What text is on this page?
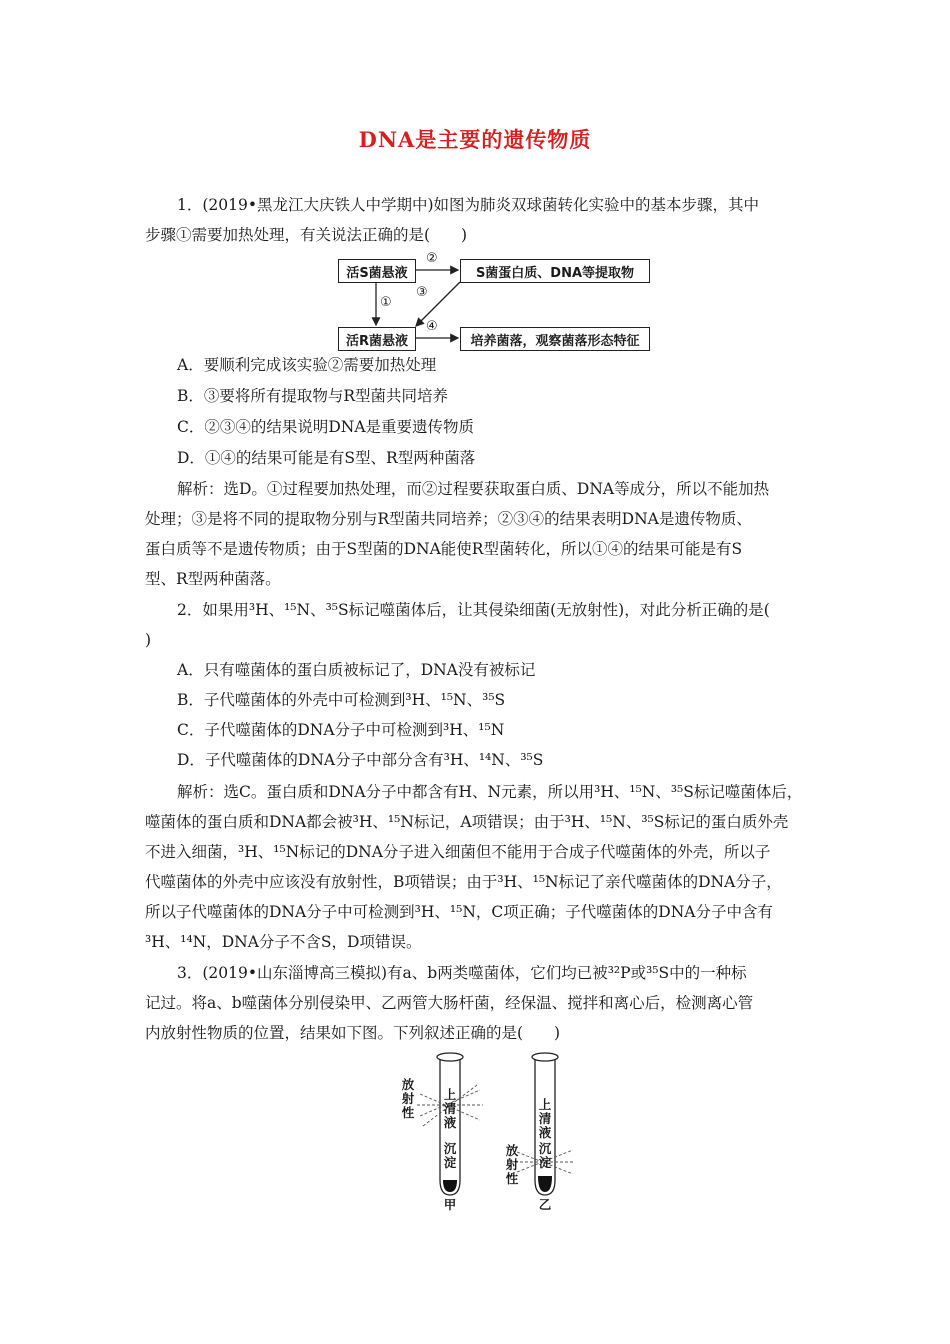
DNA是主要的遗传物质
1．(2019•黑龙江大庆铁人中学期中)如图为肺炎双球菌转化实验中的基本步骤，其中
步骤①需要加热处理，有关说法正确的是(　　)
活S菌悬液	S菌蛋白质、DNA等提取物
活R菌悬液	培养菌落，观察菌落形态特征
②
①
③
④
A．要顺利完成该实验②需要加热处理
B．③要将所有提取物与R型菌共同培养
C．②③④的结果说明DNA是重要遗传物质
D．①④的结果可能是有S型、R型两种菌落
解析：选D。①过程要加热处理，而②过程要获取蛋白质、DNA等成分，所以不能加热
处理；③是将不同的提取物分别与R型菌共同培养；②③④的结果表明DNA是遗传物质、
蛋白质等不是遗传物质；由于S型菌的DNA能使R型菌转化，所以①④的结果可能是有S
型、R型两种菌落。
2．如果用³H、¹⁵N、³⁵S标记噬菌体后，让其侵染细菌(无放射性)，对此分析正确的是(
)
A．只有噬菌体的蛋白质被标记了，DNA没有被标记
B．子代噬菌体的外壳中可检测到³H、¹⁵N、³⁵S
C．子代噬菌体的DNA分子中可检测到³H、¹⁵N
D．子代噬菌体的DNA分子中部分含有³H、¹⁴N、³⁵S
解析：选C。蛋白质和DNA分子中都含有H、N元素，所以用³H、¹⁵N、³⁵S标记噬菌体后，
噬菌体的蛋白质和DNA都会被³H、¹⁵N标记，A项错误；由于³H、¹⁵N、³⁵S标记的蛋白质外壳
不进入细菌，³H、¹⁵N标记的DNA分子进入细菌但不能用于合成子代噬菌体的外壳，所以子
代噬菌体的外壳中应该没有放射性，B项错误；由于³H、¹⁵N标记了亲代噬菌体的DNA分子，
所以子代噬菌体的DNA分子中可检测到³H、¹⁵N，C项正确；子代噬菌体的DNA分子中含有
³H、¹⁴N，DNA分子不含S，D项错误。
3．(2019•山东淄博高三模拟)有a、b两类噬菌体，它们均已被³²P或³⁵S中的一种标
记过。将a、b噬菌体分别侵染甲、乙两管大肠杆菌，经保温、搅拌和离心后，检测离心管
内放射性物质的位置，结果如下图。下列叙述正确的是(　　)
放射性
上清液
沉淀
甲
上清液
沉淀
放射性
乙
